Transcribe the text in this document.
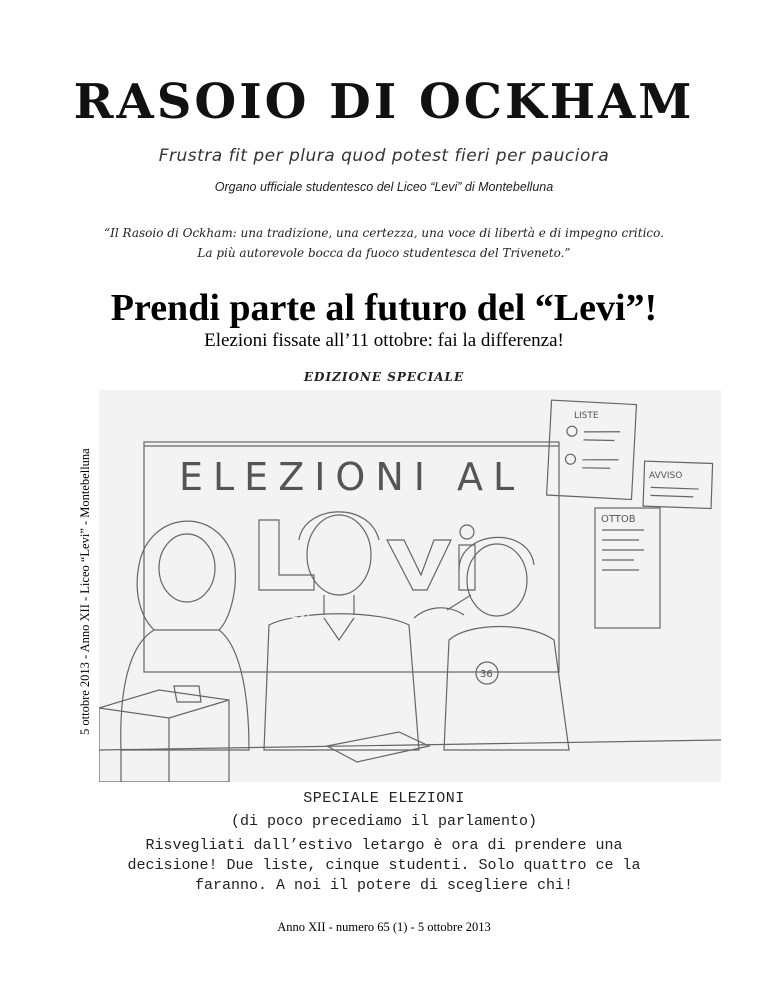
RASOIO DI OCKHAM
Frustra fit per plura quod potest fieri per pauciora
Organo ufficiale studentesco del Liceo “Levi” di Montebelluna
“Il Rasoio di Ockham: una tradizione, una certezza, una voce di libertà e di impegno critico.
La più autorevole bocca da fuoco studentesca del Triveneto.”
Prendi parte al futuro del “Levi”!
Elezioni fissate all’11 ottobre: fai la differenza!
EDIZIONE SPECIALE
5 ottobre 2013 - Anno XII - Liceo “Levi” - Montebelluna ELEZIONI AL
LEVI
LISTE
AVVISO
OTTOB
36
SPECIALE ELEZIONI
(di poco precediamo il parlamento)
Risvegliati dall’estivo letargo è ora di prendere una decisione! Due liste, cinque studenti. Solo quattro ce la faranno. A noi il potere di scegliere chi!
Anno XII - numero 65 (1) - 5 ottobre 2013
